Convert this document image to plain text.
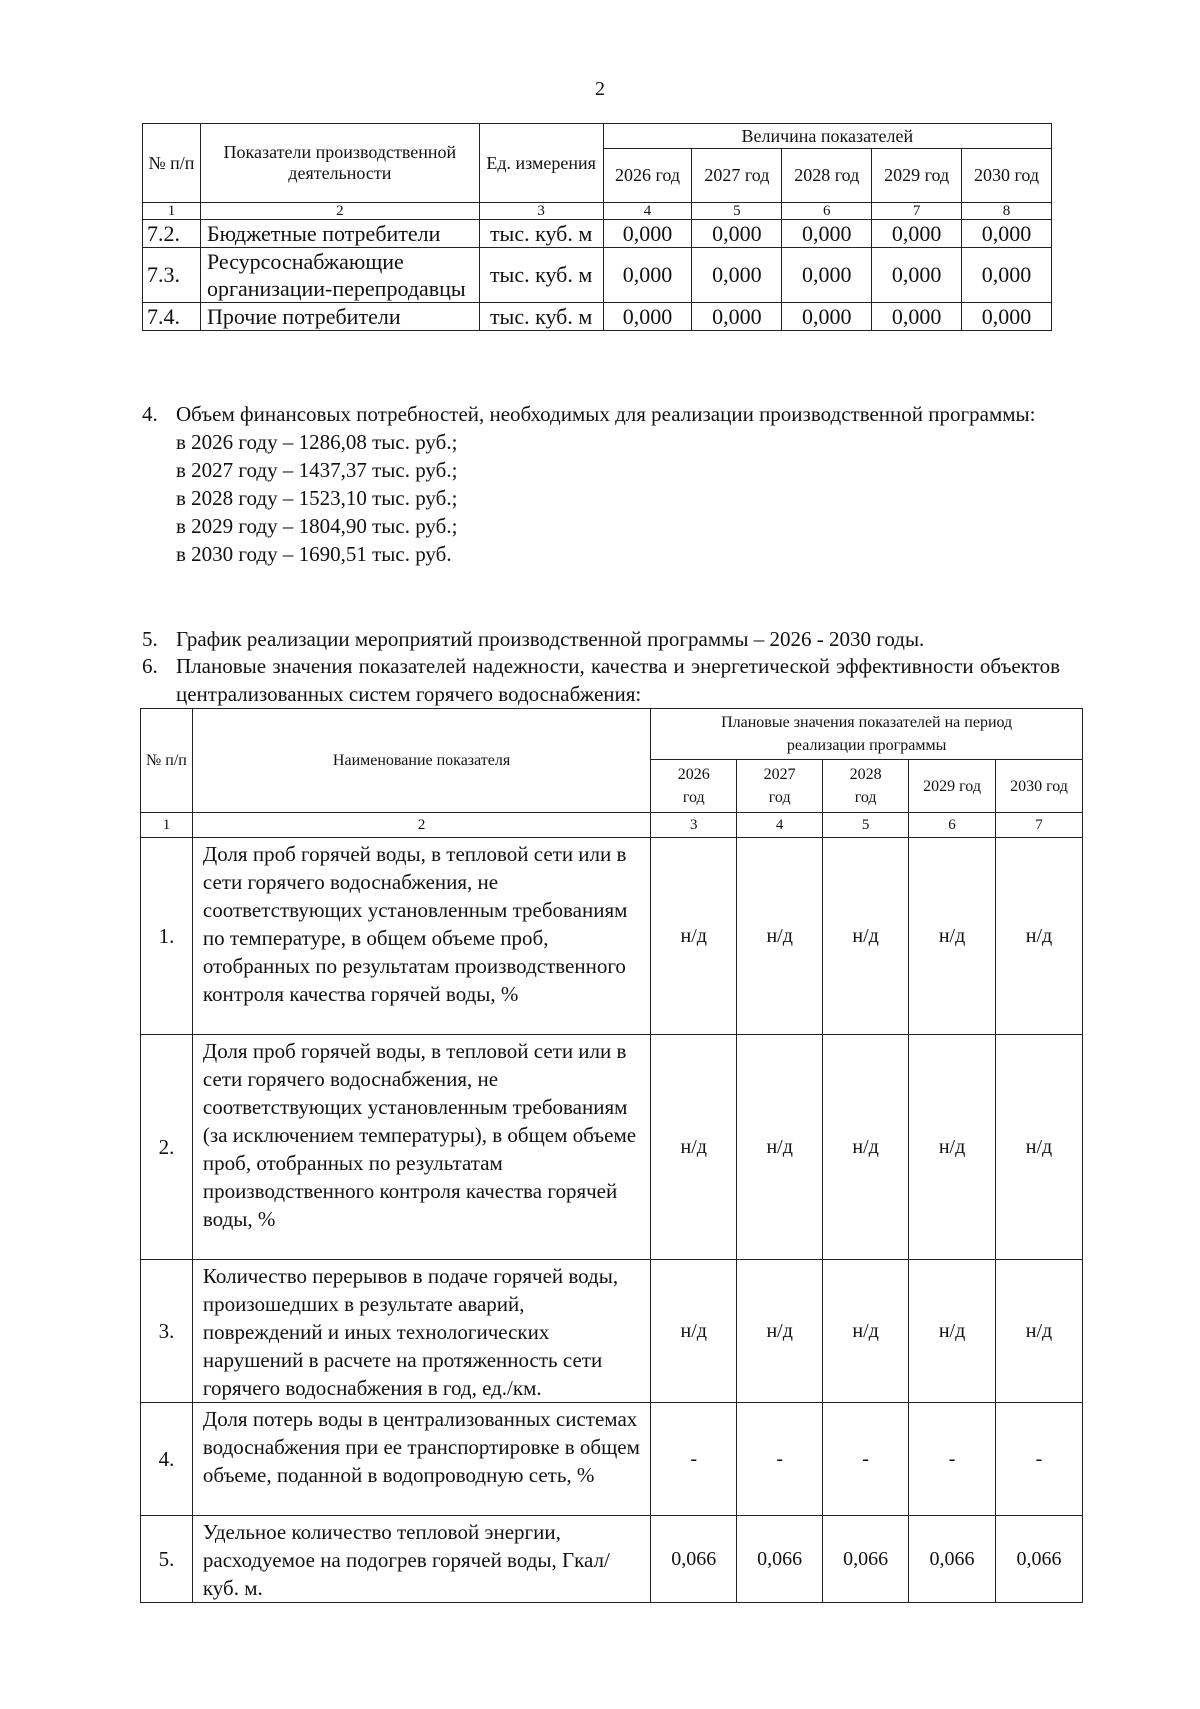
2
№ п/п	Показатели производственной деятельности	Ед. измерения	Величина показателей				
			2026 год	2027 год	2028 год	2029 год	2030 год
1	2	3	4	5	6	7	8
7.2.	Бюджетные потребители	тыс. куб. м	0,000	0,000	0,000	0,000	0,000
7.3.	Ресурсоснабжающие организации-перепродавцы	тыс. куб. м	0,000	0,000	0,000	0,000	0,000
7.4.	Прочие потребители	тыс. куб. м	0,000	0,000	0,000	0,000	0,000
4. Объем финансовых потребностей, необходимых для реализации производственной программы:
в 2026 году – 1286,08 тыс. руб.;
в 2027 году – 1437,37 тыс. руб.;
в 2028 году – 1523,10 тыс. руб.;
в 2029 году – 1804,90 тыс. руб.;
в 2030 году – 1690,51 тыс. руб.
5. График реализации мероприятий производственной программы – 2026 - 2030 годы.
6. Плановые значения показателей надежности, качества и энергетической эффективности объектов централизованных систем горячего водоснабжения:
№ п/п	Наименование показателя	Плановые значения показателей на период реализации программы				
		2026 год	2027 год	2028 год	2029 год	2030 год
1	2	3	4	5	6	7
1.	Доля проб горячей воды, в тепловой сети или в сети горячего водоснабжения, не соответствующих установленным требованиям по температуре, в общем объеме проб, отобранных по результатам производственного контроля качества горячей воды, %	н/д	н/д	н/д	н/д	н/д
2.	Доля проб горячей воды, в тепловой сети или в сети горячего водоснабжения, не соответствующих установленным требованиям (за исключением температуры), в общем объеме проб, отобранных по результатам производственного контроля качества горячей воды, %	н/д	н/д	н/д	н/д	н/д
3.	Количество перерывов в подаче горячей воды, произошедших в результате аварий, повреждений и иных технологических нарушений в расчете на протяженность сети горячего водоснабжения в год, ед./км.	н/д	н/д	н/д	н/д	н/д
4.	Доля потерь воды в централизованных системах водоснабжения при ее транспортировке в общем объеме, поданной в водопроводную сеть, %	-	-	-	-	-
5.	Удельное количество тепловой энергии, расходуемое на подогрев горячей воды, Гкал/куб. м.	0,066	0,066	0,066	0,066	0,066
